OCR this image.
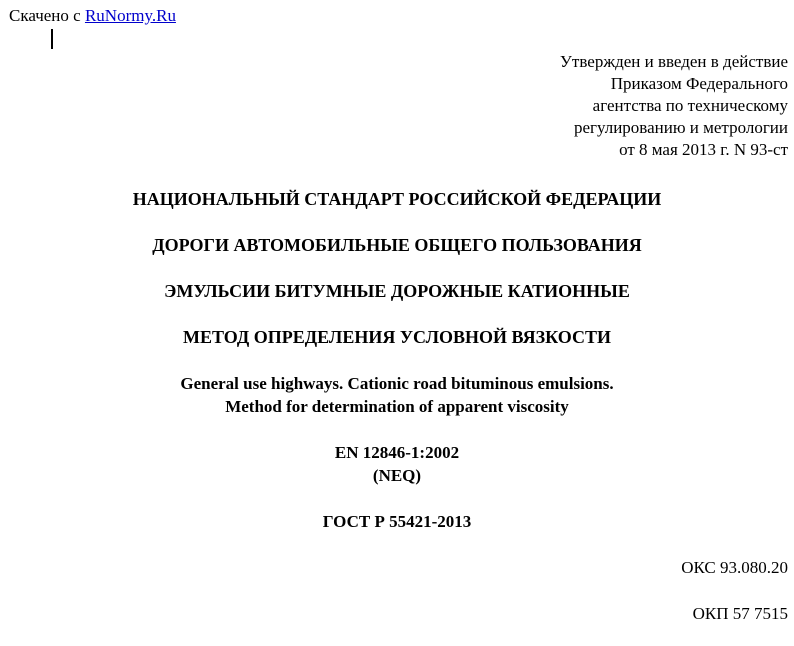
Скачено с RuNormy.Ru
Утвержден и введен в действие
Приказом Федерального
агентства по техническому
регулированию и метрологии
от 8 мая 2013 г. N 93-ст
НАЦИОНАЛЬНЫЙ СТАНДАРТ РОССИЙСКОЙ ФЕДЕРАЦИИ
ДОРОГИ АВТОМОБИЛЬНЫЕ ОБЩЕГО ПОЛЬЗОВАНИЯ
ЭМУЛЬСИИ БИТУМНЫЕ ДОРОЖНЫЕ КАТИОННЫЕ
МЕТОД ОПРЕДЕЛЕНИЯ УСЛОВНОЙ ВЯЗКОСТИ
General use highways. Cationic road bituminous emulsions.
Method for determination of apparent viscosity
EN 12846-1:2002
(NEQ)
ГОСТ Р 55421-2013
ОКС 93.080.20
ОКП 57 7515
